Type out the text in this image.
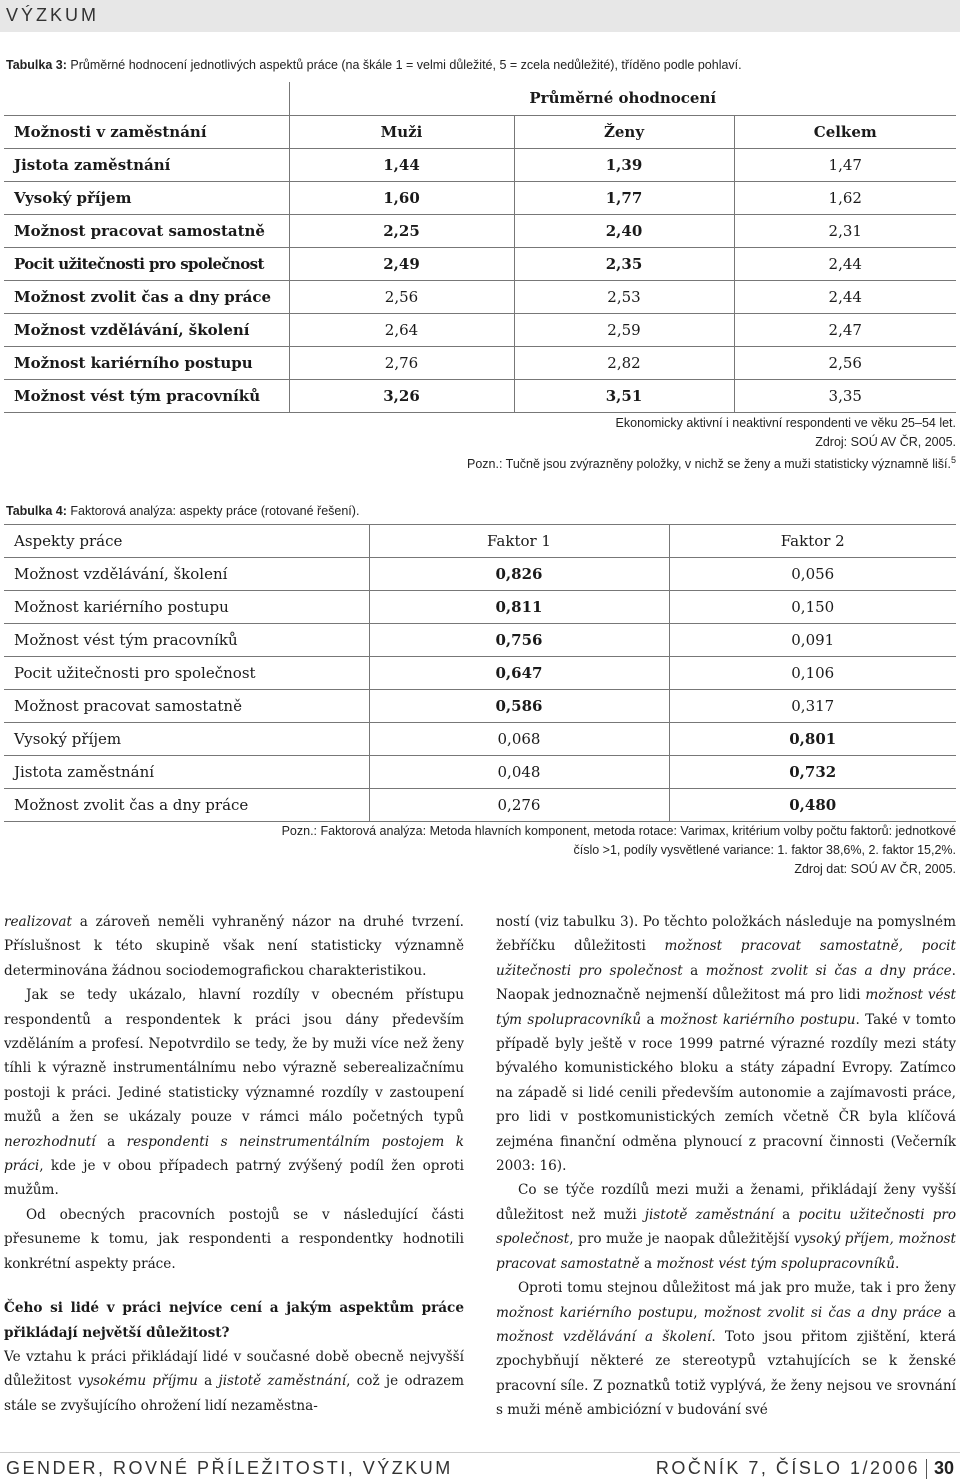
VÝZKUM
Tabulka 3: Průměrné hodnocení jednotlivých aspektů práce (na škále 1 = velmi důležité, 5 = zcela nedůležité), tříděno podle pohlaví.
	Průměrné ohodnocení		
Možnosti v zaměstnání	Muži	Ženy	Celkem
Jistota zaměstnání	1,44	1,39	1,47
Vysoký příjem	1,60	1,77	1,62
Možnost pracovat samostatně	2,25	2,40	2,31
Pocit užitečnosti pro společnost	2,49	2,35	2,44
Možnost zvolit čas a dny práce	2,56	2,53	2,44
Možnost vzdělávání, školení	2,64	2,59	2,47
Možnost kariérního postupu	2,76	2,82	2,56
Možnost vést tým pracovníků	3,26	3,51	3,35
Ekonomicky aktivní i neaktivní respondenti ve věku 25–54 let.
Zdroj: SOÚ AV ČR, 2005.
Pozn.: Tučně jsou zvýrazněny položky, v nichž se ženy a muži statisticky významně liší.$^5$
Tabulka 4: Faktorová analýza: aspekty práce (rotované řešení).
Aspekty práce	Faktor 1	Faktor 2
Možnost vzdělávání, školení	0,826	0,056
Možnost kariérního postupu	0,811	0,150
Možnost vést tým pracovníků	0,756	0,091
Pocit užitečnosti pro společnost	0,647	0,106
Možnost pracovat samostatně	0,586	0,317
Vysoký příjem	0,068	0,801
Jistota zaměstnání	0,048	0,732
Možnost zvolit čas a dny práce	0,276	0,480
Pozn.: Faktorová analýza: Metoda hlavních komponent, metoda rotace: Varimax, kritérium volby počtu faktorů: jednotkové číslo >1, podíly vysvětlené variance: 1. faktor 38,6%, 2. faktor 15,2%.
Zdroj dat: SOÚ AV ČR, 2005.

realizovat a zároveň neměli vyhraněný názor na druhé tvrzení. Příslušnost k této skupině však není statisticky významně determinována žádnou sociodemografickou charakteristikou.

Jak se tedy ukázalo, hlavní rozdíly v obecném přístupu respondentů a respondentek k práci jsou dány především vzděláním a profesí. Nepotvrdilo se tedy, že by muži více než ženy tíhli k výrazně instrumentálnímu nebo výrazně seberealizačnímu postoji k práci. Jediné statisticky významné rozdíly v zastoupení mužů a žen se ukázaly pouze v rámci málo početných typů nerozhodnutí a respondenti s neinstrumentálním postojem k práci, kde je v obou případech patrný zvýšený podíl žen oproti mužům.

Od obecných pracovních postojů se v následující části přesuneme k tomu, jak respondenti a respondentky hodnotili konkrétní aspekty práce.

Čeho si lidé v práci nejvíce cení a jakým aspektům práce přikládají největší důležitost?

Ve vztahu k práci přikládají lidé v současné době obecně nejvyšší důležitost vysokému příjmu a jistotě zaměstnání, což je odrazem stále se zvyšujícího ohrožení lidí nezaměstna-

ností (viz tabulku 3). Po těchto položkách následuje na pomyslném žebříčku důležitosti možnost pracovat samostatně, pocit užitečnosti pro společnost a možnost zvolit si čas a dny práce. Naopak jednoznačně nejmenší důležitost má pro lidi možnost vést tým spolupracovníků a možnost kariérního postupu. Také v tomto případě byly ještě v roce 1999 patrné výrazné rozdíly mezi státy bývalého komunistického bloku a státy západní Evropy. Zatímco na západě si lidé cenili především autonomie a zajímavosti práce, pro lidi v postkomunistických zemích včetně ČR byla klíčová zejména finanční odměna plynoucí z pracovní činnosti (Večerník 2003: 16).

Co se týče rozdílů mezi muži a ženami, přikládají ženy vyšší důležitost než muži jistotě zaměstnání a pocitu užitečnosti pro společnost, pro muže je naopak důležitější vysoký příjem, možnost pracovat samostatně a možnost vést tým spolupracovníků.

Oproti tomu stejnou důležitost má jak pro muže, tak i pro ženy možnost kariérního postupu, možnost zvolit si čas a dny práce a možnost vzdělávání a školení. Toto jsou přitom zjištění, která zpochybňují některé ze stereotypů vztahujících se k ženské pracovní síle. Z poznatků totiž vyplývá, že ženy nejsou ve srovnání s muži méně ambiciózní v budování své

GENDER, ROVNÉ PŘÍLEŽITOSTI, VÝZKUM	ROČNÍK 7, ČÍSLO 1/2006 30
